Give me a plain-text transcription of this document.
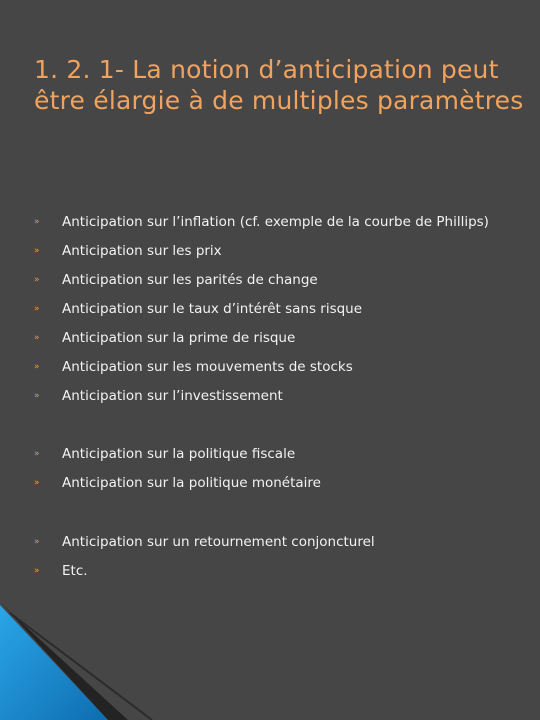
1. 2. 1- La notion d’anticipation peut être élargie à de multiples paramètres
»	Anticipation sur l’inflation (cf. exemple de la courbe de Phillips)
»	Anticipation sur les prix
»	Anticipation sur les parités de change
»	Anticipation sur le taux d’intérêt sans risque
»	Anticipation sur la prime de risque
»	Anticipation sur les mouvements de stocks
»	Anticipation sur l’investissement
»	Anticipation sur la politique fiscale
»	Anticipation sur la politique monétaire
»	Anticipation sur un retournement conjoncturel
»	Etc.
